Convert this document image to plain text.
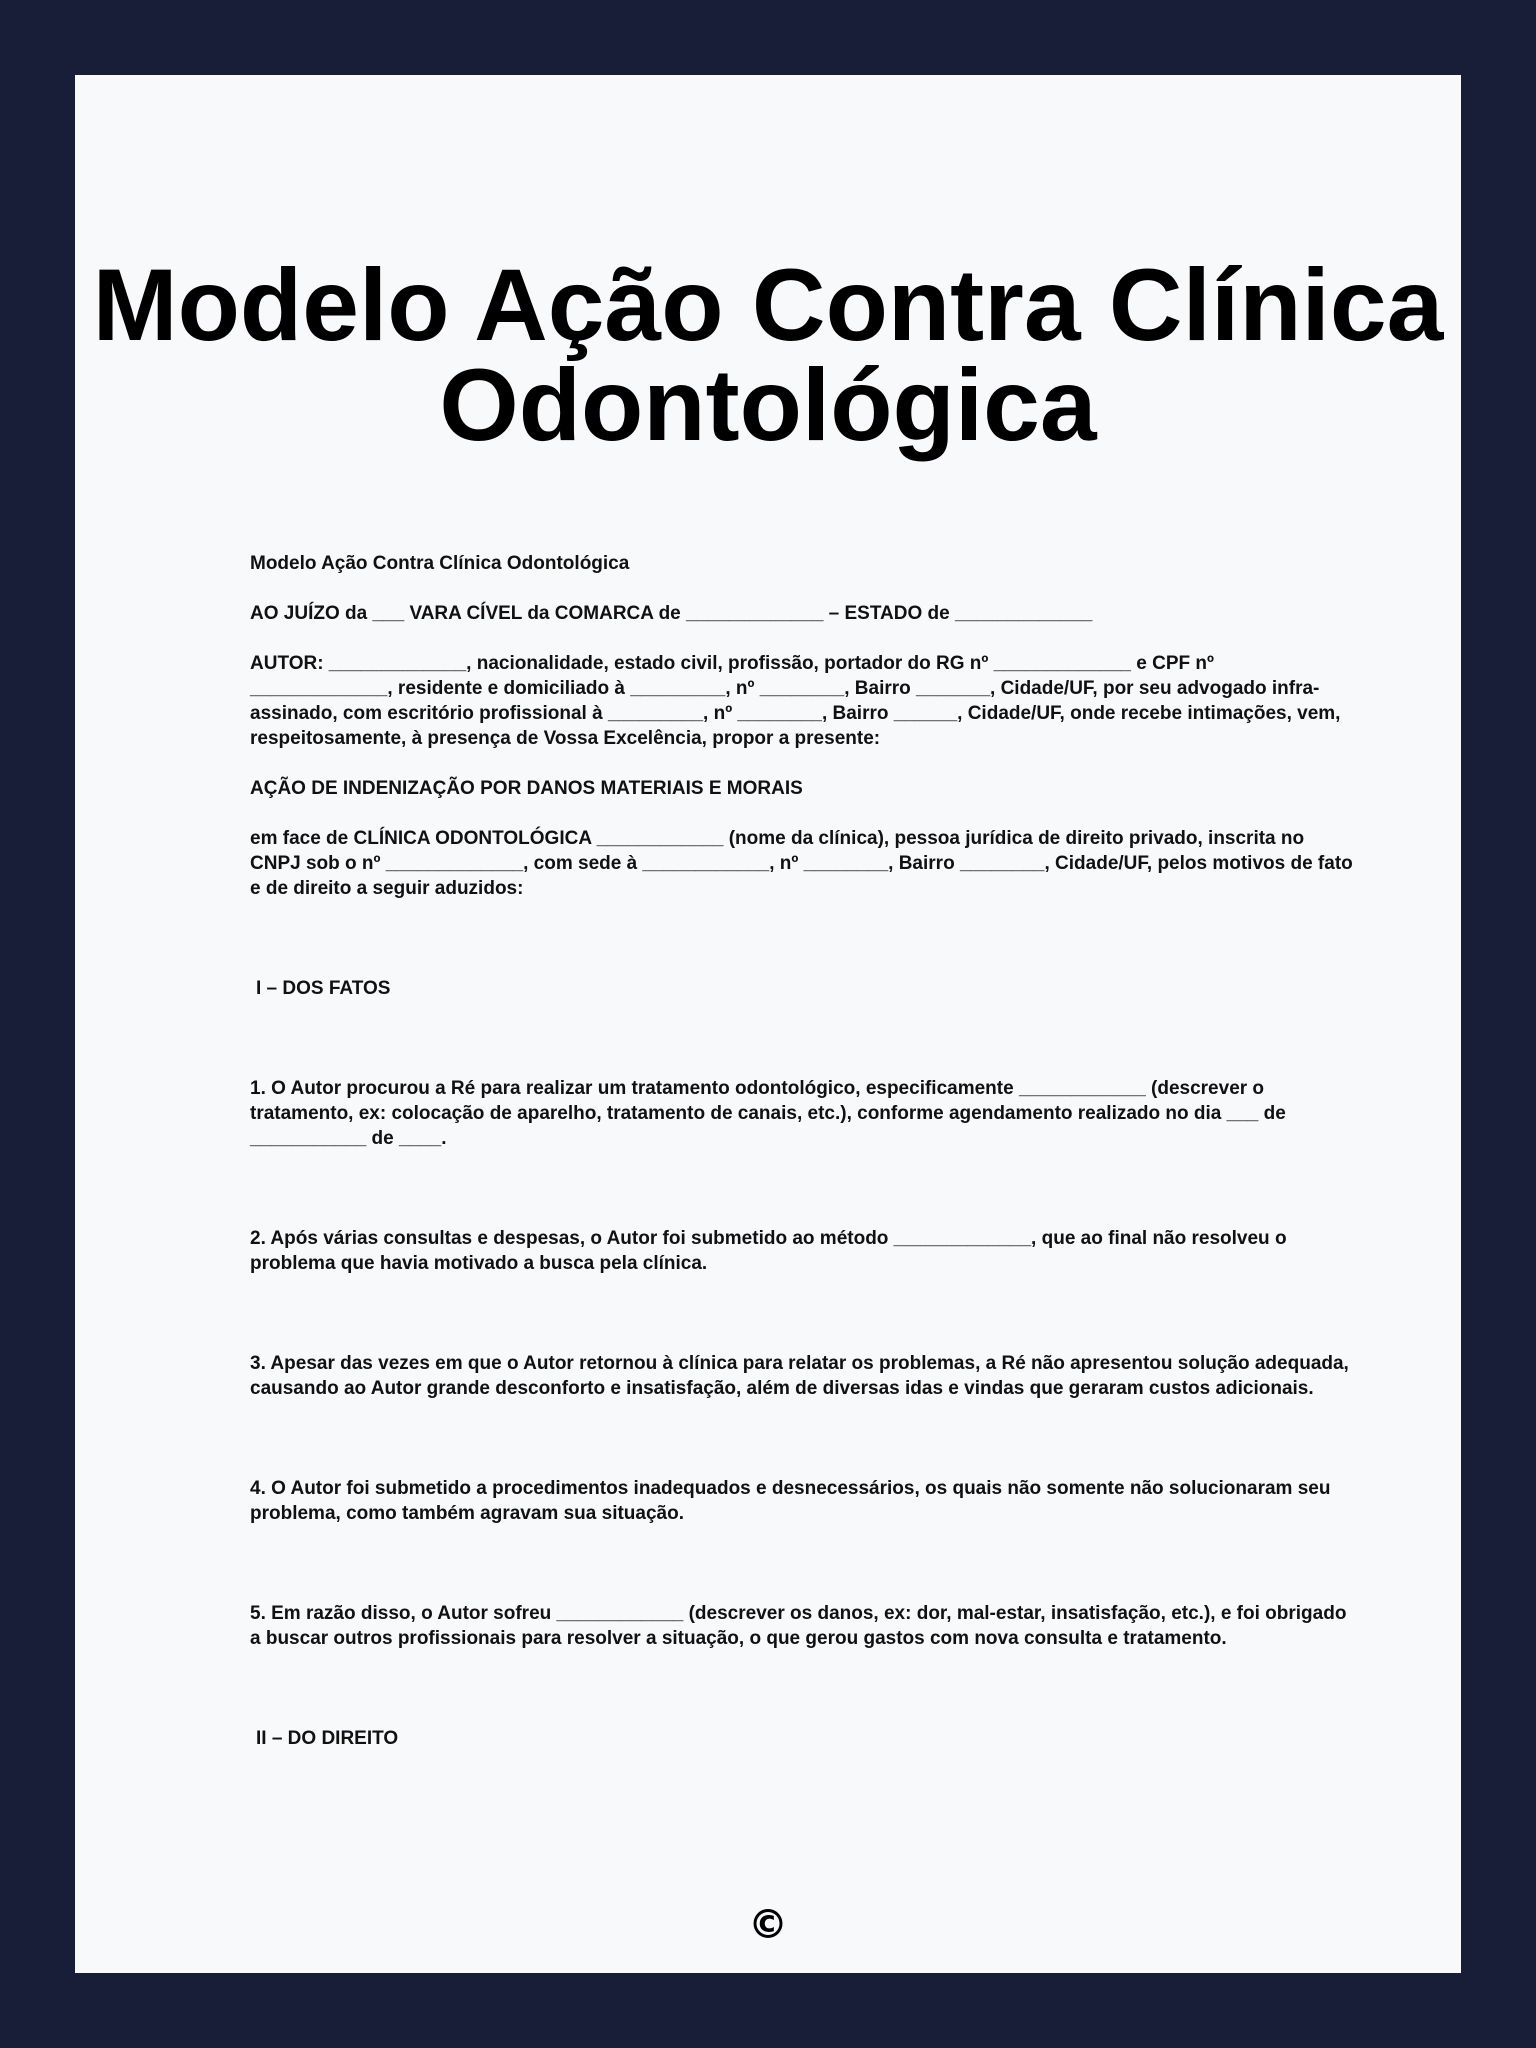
Modelo Ação Contra Clínica Odontológica

Modelo Ação Contra Clínica Odontológica

AO JUÍZO da ___ VARA CÍVEL da COMARCA de _____________ – ESTADO de _____________

AUTOR: _____________, nacionalidade, estado civil, profissão, portador do RG nº _____________ e CPF nº _____________, residente e domiciliado à _________, nº ________, Bairro _______, Cidade/UF, por seu advogado infra-assinado, com escritório profissional à _________, nº ________, Bairro ______, Cidade/UF, onde recebe intimações, vem, respeitosamente, à presença de Vossa Excelência, propor a presente:

AÇÃO DE INDENIZAÇÃO POR DANOS MATERIAIS E MORAIS

em face de CLÍNICA ODONTOLÓGICA ____________ (nome da clínica), pessoa jurídica de direito privado, inscrita no CNPJ sob o nº _____________, com sede à ____________, nº ________, Bairro ________, Cidade/UF, pelos motivos de fato e de direito a seguir aduzidos:

I – DOS FATOS

1. O Autor procurou a Ré para realizar um tratamento odontológico, especificamente ____________ (descrever o tratamento, ex: colocação de aparelho, tratamento de canais, etc.), conforme agendamento realizado no dia ___ de ___________ de ____.

2. Após várias consultas e despesas, o Autor foi submetido ao método _____________, que ao final não resolveu o problema que havia motivado a busca pela clínica.

3. Apesar das vezes em que o Autor retornou à clínica para relatar os problemas, a Ré não apresentou solução adequada, causando ao Autor grande desconforto e insatisfação, além de diversas idas e vindas que geraram custos adicionais.

4. O Autor foi submetido a procedimentos inadequados e desnecessários, os quais não somente não solucionaram seu problema, como também agravam sua situação.

5. Em razão disso, o Autor sofreu ____________ (descrever os danos, ex: dor, mal-estar, insatisfação, etc.), e foi obrigado a buscar outros profissionais para resolver a situação, o que gerou gastos com nova consulta e tratamento.

II – DO DIREITO

©
